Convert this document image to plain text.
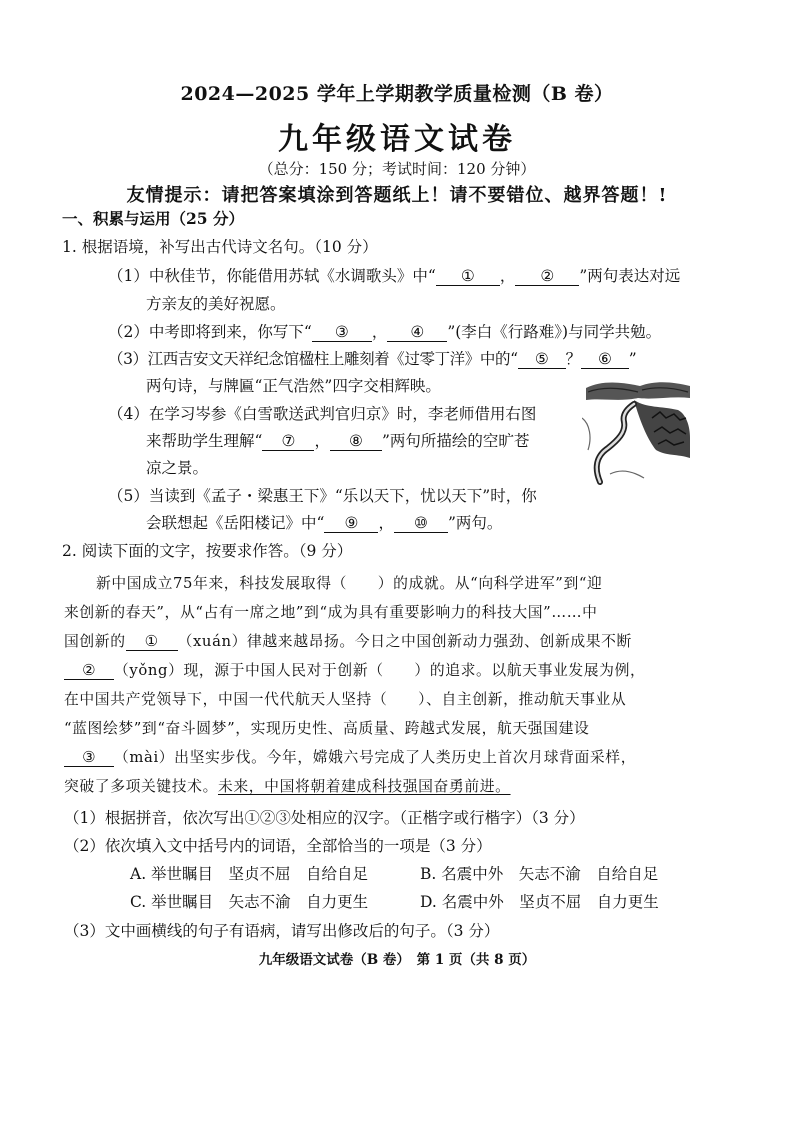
2024—2025 学年上学期教学质量检测（B 卷）
九年级语文试卷
（总分：150 分；考试时间：120 分钟）
友情提示：请把答案填涂到答题纸上！请不要错位、越界答题！!
一、积累与运用（25 分）
1. 根据语境，补写出古代诗文名句。（10 分）
（1）中秋佳节，你能借用苏轼《水调歌头》中“ ① ， ② ”两句表达对远
方亲友的美好祝愿。
（2）中考即将到来，你写下“ ③ ， ④ ”(李白《行路难》)与同学共勉。
（3）江西吉安文天祥纪念馆楹柱上雕刻着《过零丁洋》中的“ ⑤ ？ ⑥ ”
两句诗，与牌匾“正气浩然”四字交相辉映。
（4）在学习岑参《白雪歌送武判官归京》时，李老师借用右图
来帮助学生理解“ ⑦ ， ⑧ ”两句所描绘的空旷苍
凉之景。
（5）当读到《孟子・梁惠王下》“乐以天下，忧以天下”时，你
会联想起《岳阳楼记》中“ ⑨ ， ⑩ ”两句。
2. 阅读下面的文字，按要求作答。（9 分）
新中国成立75年来，科技发展取得（　　）的成就。从“向科学进军”到“迎
来创新的春天”，从“占有一席之地”到“成为具有重要影响力的科技大国”……中
国创新的 ① （xuán）律越来越昂扬。今日之中国创新动力强劲、创新成果不断
② （yǒng）现，源于中国人民对于创新（　　）的追求。以航天事业发展为例，
在中国共产党领导下，中国一代代航天人坚持（　　）、自主创新，推动航天事业从
“蓝图绘梦”到“奋斗圆梦”，实现历史性、高质量、跨越式发展，航天强国建设
③ （mài）出坚实步伐。今年，嫦娥六号完成了人类历史上首次月球背面采样，
突破了多项关键技术。未来，中国将朝着建成科技强国奋勇前进。
（1）根据拼音，依次写出①②③处相应的汉字。（正楷字或行楷字）（3 分）
（2）依次填入文中括号内的词语，全部恰当的一项是（3 分）
A. 举世瞩目　坚贞不屈　自给自足	B. 名震中外　矢志不渝　自给自足
C. 举世瞩目　矢志不渝　自力更生	D. 名震中外　坚贞不屈　自力更生
（3）文中画横线的句子有语病，请写出修改后的句子。（3 分）
九年级语文试卷（B 卷）　第 1 页（共 8 页）
